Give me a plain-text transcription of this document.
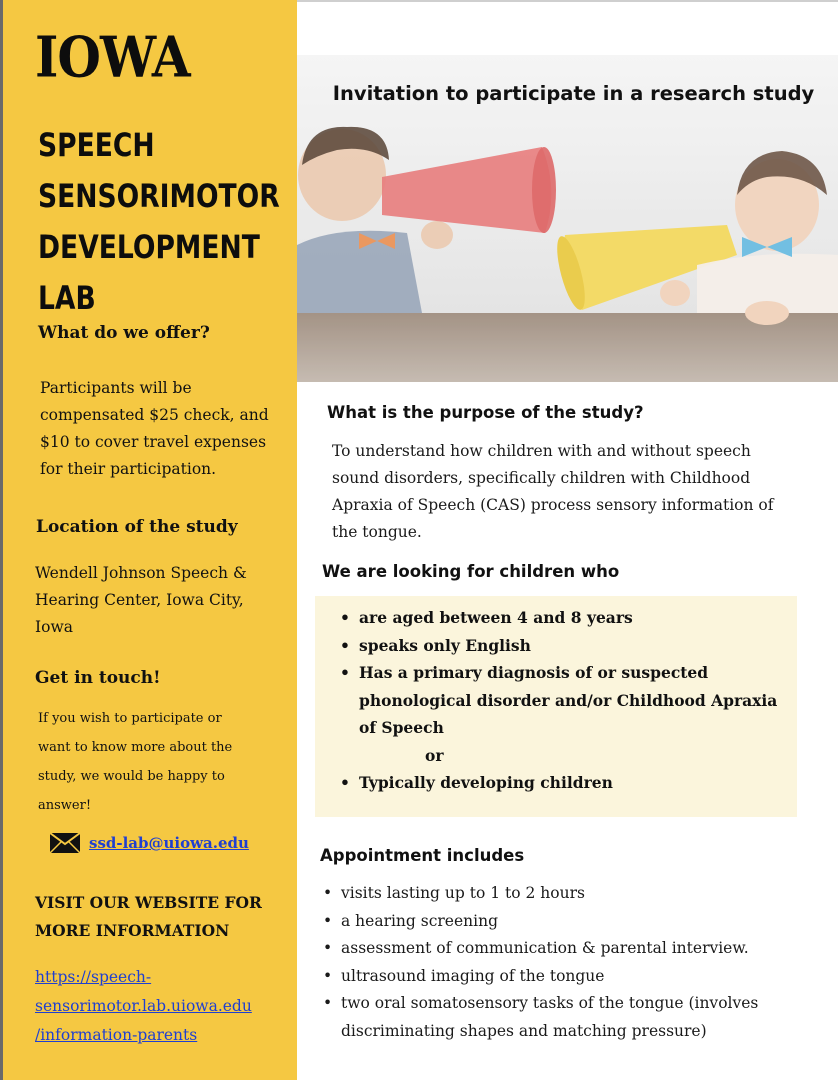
IOWA
SPEECH
SENSORIMOTOR
DEVELOPMENT LAB
What do we offer?
Participants will be
compensated $25 check, and
$10 to cover travel expenses
for their participation.
Location of the study
Wendell Johnson Speech &
Hearing Center, Iowa City,
Iowa
Get in touch!
If you wish to participate or
want to know more about the
study, we would be happy to
answer!
ssd-lab@uiowa.edu
VISIT OUR WEBSITE FOR
MORE INFORMATION
https://speech-
sensorimotor.lab.uiowa.edu
/information-parents
Invitation to participate in a research study
What is the purpose of the study?
To understand how children with and without speech
sound disorders, specifically children with Childhood
Apraxia of Speech (CAS) process sensory information of
the tongue.
We are looking for children who
• are aged between 4 and 8 years
• speaks only English
• Has a primary diagnosis of or suspected
phonological disorder and/or Childhood Apraxia
of Speech
or
• Typically developing children
Appointment includes
• visits lasting up to 1 to 2 hours
• a hearing screening
• assessment of communication & parental interview.
• ultrasound imaging of the tongue
• two oral somatosensory tasks of the tongue (involves
discriminating shapes and matching pressure)
